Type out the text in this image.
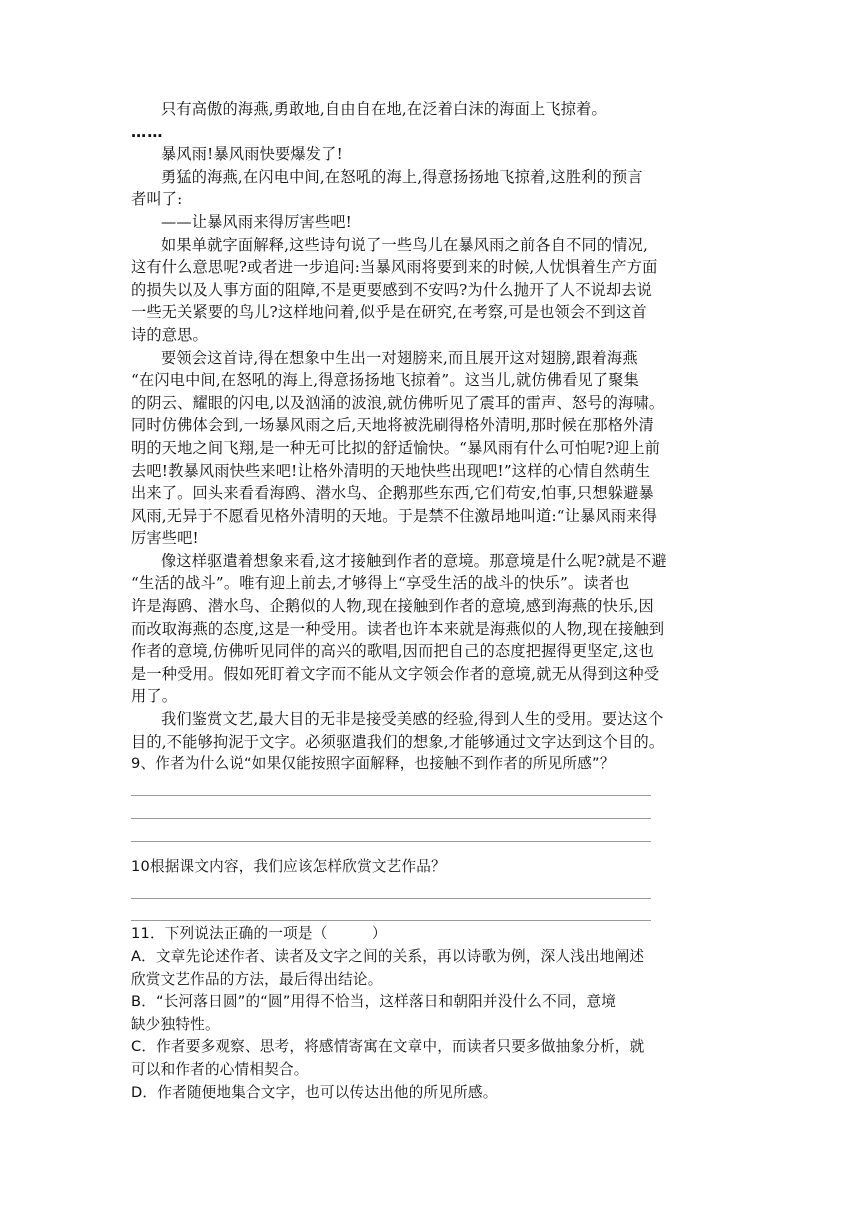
只有高傲的海燕,勇敢地,自由自在地,在泛着白沫的海面上飞掠着。
……
暴风雨!暴风雨快要爆发了!
勇猛的海燕,在闪电中间,在怒吼的海上,得意扬扬地飞掠着,这胜利的预言
者叫了:
——让暴风雨来得厉害些吧!
如果单就字面解释,这些诗句说了一些鸟儿在暴风雨之前各自不同的情况,
这有什么意思呢?或者进一步追问:当暴风雨将要到来的时候,人忧惧着生产方面
的损失以及人事方面的阻障,不是更要感到不安吗?为什么抛开了人不说却去说
一些无关紧要的鸟儿?这样地问着,似乎是在研究,在考察,可是也领会不到这首
诗的意思。
要领会这首诗,得在想象中生出一对翅膀来,而且展开这对翅膀,跟着海燕
“在闪电中间,在怒吼的海上,得意扬扬地飞掠着”。这当儿,就仿佛看见了聚集
的阴云、耀眼的闪电,以及汹涌的波浪,就仿佛听见了震耳的雷声、怒号的海啸。
同时仿佛体会到,一场暴风雨之后,天地将被洗刷得格外清明,那时候在那格外清
明的天地之间飞翔,是一种无可比拟的舒适愉快。“暴风雨有什么可怕呢?迎上前
去吧!教暴风雨快些来吧!让格外清明的天地快些出现吧!”这样的心情自然萌生
出来了。回头来看看海鸥、潜水鸟、企鹅那些东西,它们苟安,怕事,只想躲避暴
风雨,无异于不愿看见格外清明的天地。于是禁不住激昂地叫道:“让暴风雨来得
厉害些吧!
像这样驱遣着想象来看,这才接触到作者的意境。那意境是什么呢?就是不避
“生活的战斗”。唯有迎上前去,才够得上“享受生活的战斗的快乐”。读者也
许是海鸥、潜水鸟、企鹅似的人物,现在接触到作者的意境,感到海燕的快乐,因
而改取海燕的态度,这是一种受用。读者也许本来就是海燕似的人物,现在接触到
作者的意境,仿佛听见同伴的高兴的歌唱,因而把自己的态度把握得更坚定,这也
是一种受用。假如死盯着文字而不能从文字领会作者的意境,就无从得到这种受
用了。
我们鉴赏文艺,最大目的无非是接受美感的经验,得到人生的受用。要达这个
目的,不能够拘泥于文字。必须驱遣我们的想象,才能够通过文字达到这个目的。
9、作者为什么说“如果仅能按照字面解释，也接触不到作者的所见所感”？
10根据课文内容，我们应该怎样欣赏文艺作品？
11．下列说法正确的一项是（　　　）
A．文章先论述作者、读者及文字之间的关系，再以诗歌为例，深人浅出地阐述
欣赏文艺作品的方法，最后得出结论。
B．“长河落日圆”的“圆”用得不恰当，这样落日和朝阳并没什么不同，意境
缺少独特性。
C．作者要多观察、思考，将感情寄寓在文章中，而读者只要多做抽象分析，就
可以和作者的心情相契合。
D．作者随便地集合文字，也可以传达出他的所见所感。
